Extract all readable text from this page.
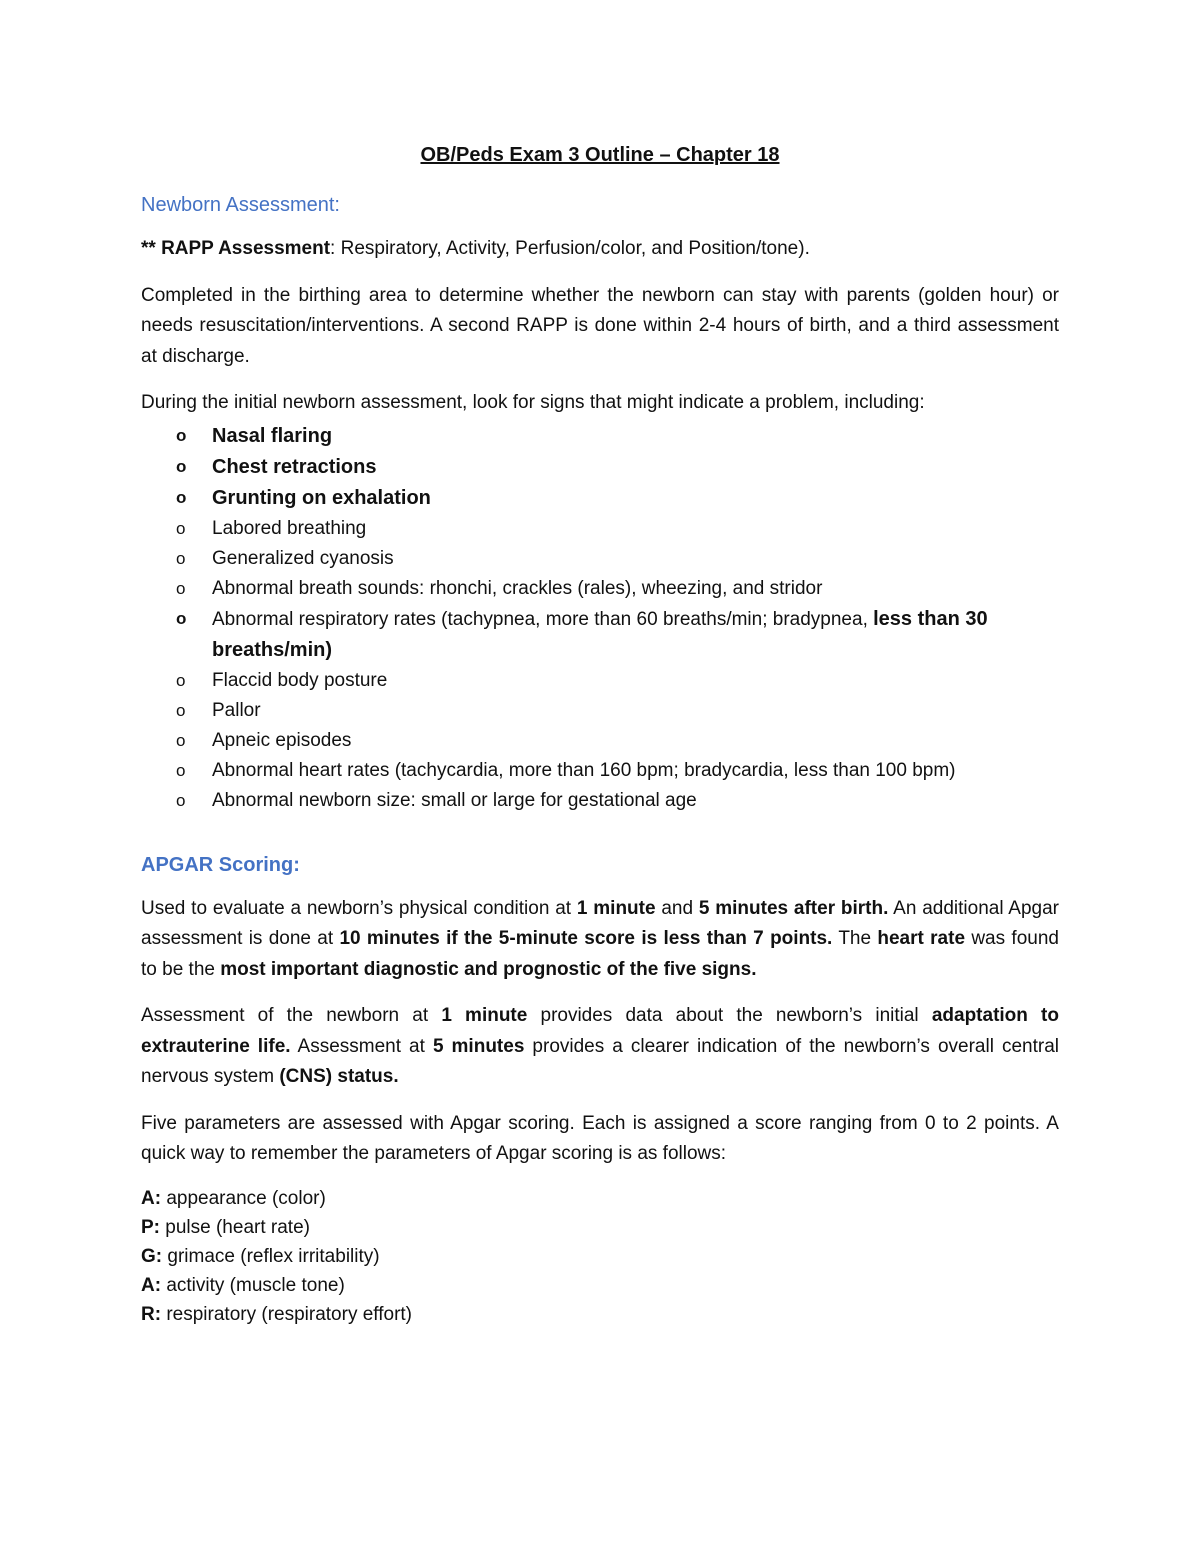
OB/Peds Exam 3 Outline – Chapter 18
Newborn Assessment:

** RAPP Assessment: Respiratory, Activity, Perfusion/color, and Position/tone).

Completed in the birthing area to determine whether the newborn can stay with parents (golden hour) or needs resuscitation/interventions. A second RAPP is done within 2-4 hours of birth, and a third assessment at discharge.

During the initial newborn assessment, look for signs that might indicate a problem, including:

o Nasal flaring
o Chest retractions
o Grunting on exhalation
o Labored breathing
o Generalized cyanosis
o Abnormal breath sounds: rhonchi, crackles (rales), wheezing, and stridor
o Abnormal respiratory rates (tachypnea, more than 60 breaths/min; bradypnea, less than 30 breaths/min)
o Flaccid body posture
o Pallor
o Apneic episodes
o Abnormal heart rates (tachycardia, more than 160 bpm; bradycardia, less than 100 bpm)
o Abnormal newborn size: small or large for gestational age
APGAR Scoring:

Used to evaluate a newborn’s physical condition at 1 minute and 5 minutes after birth. An additional Apgar assessment is done at 10 minutes if the 5-minute score is less than 7 points. The heart rate was found to be the most important diagnostic and prognostic of the five signs.

Assessment of the newborn at 1 minute provides data about the newborn’s initial adaptation to extrauterine life. Assessment at 5 minutes provides a clearer indication of the newborn’s overall central nervous system (CNS) status.

Five parameters are assessed with Apgar scoring. Each is assigned a score ranging from 0 to 2 points. A quick way to remember the parameters of Apgar scoring is as follows:

A: appearance (color)
P: pulse (heart rate)
G: grimace (reflex irritability)
A: activity (muscle tone)
R: respiratory (respiratory effort)
